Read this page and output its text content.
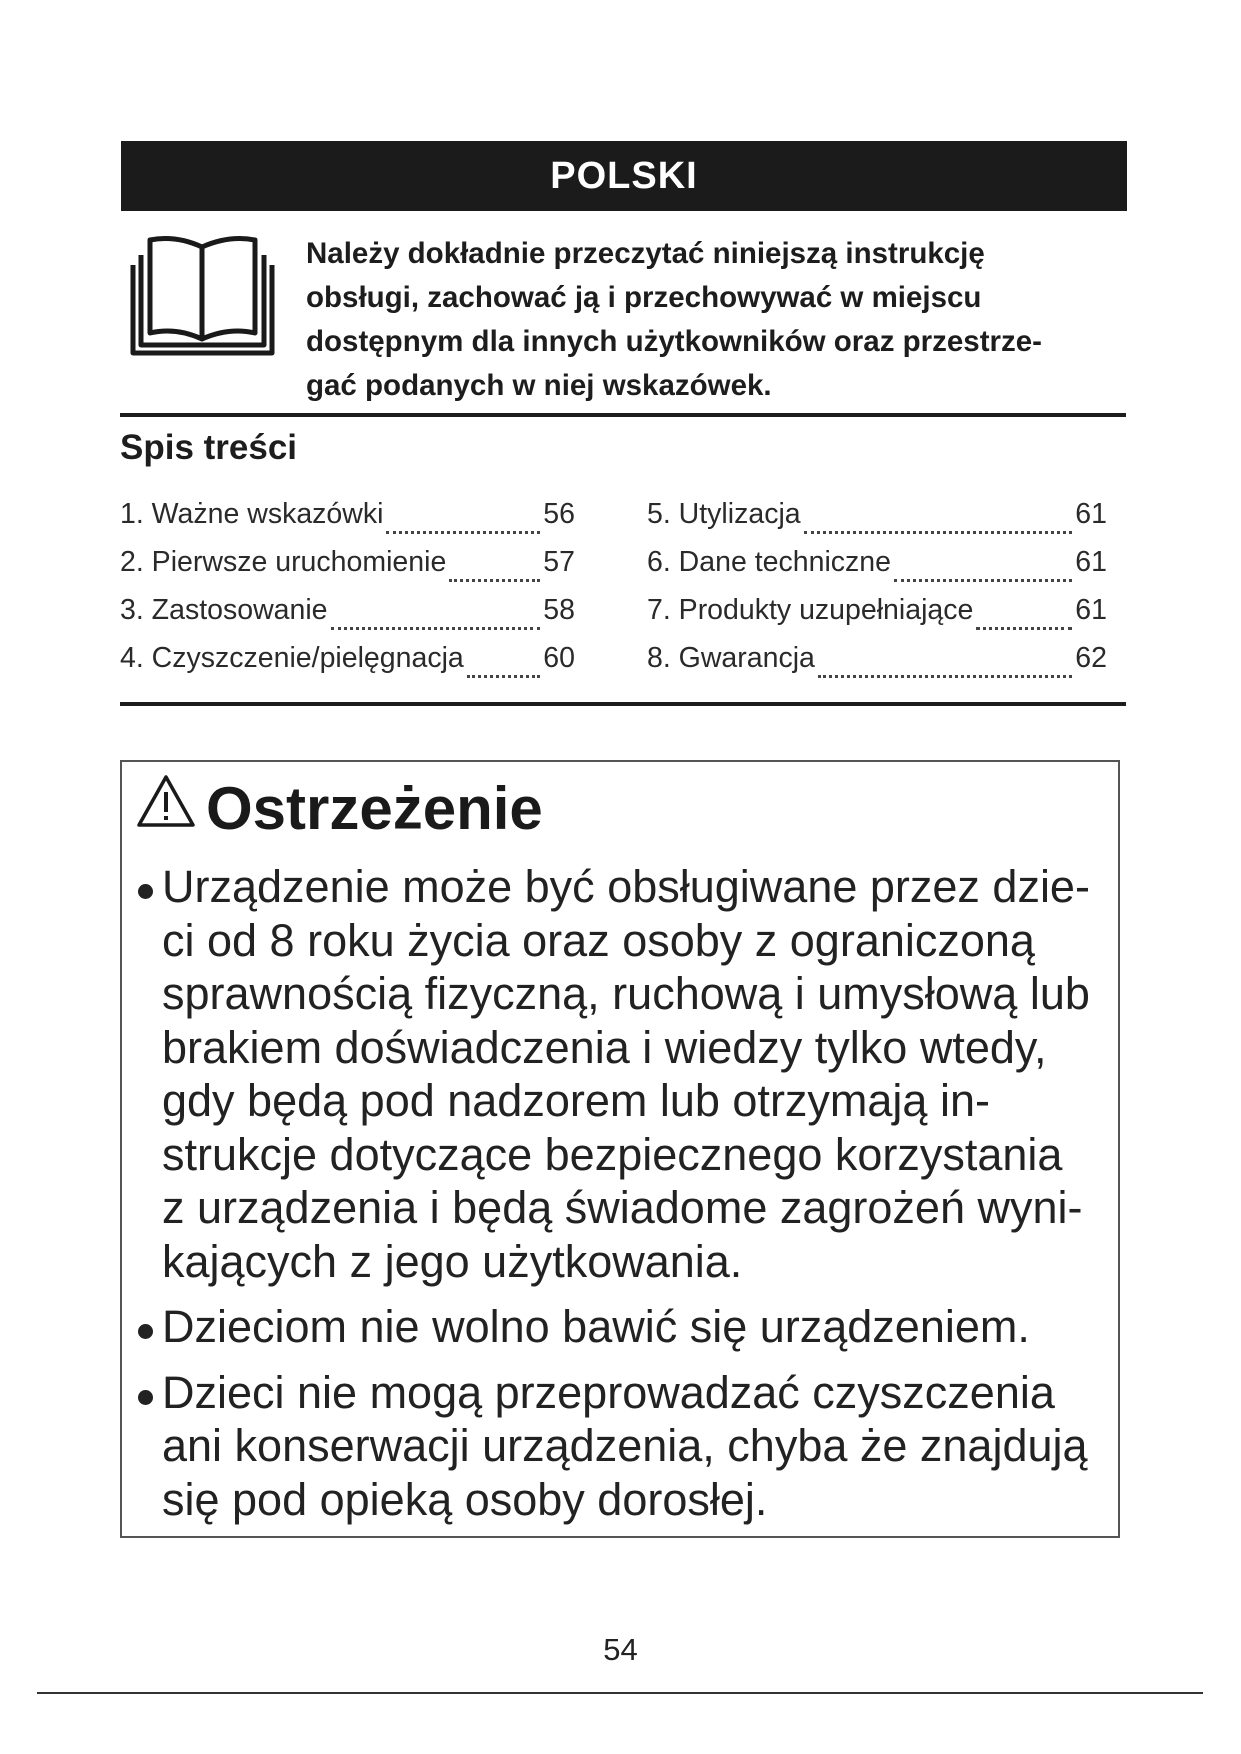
POLSKI
Należy dokładnie przeczytać niniejszą instrukcję
obsługi, zachować ją i przechowywać w miejscu
dostępnym dla innych użytkowników oraz przestrze-
gać podanych w niej wskazówek.
Spis treści
1. Ważne wskazówki	56
2. Pierwsze uruchomienie	57
3. Zastosowanie	58
4. Czyszczenie/pielęgnacja	60
5. Utylizacja	61
6. Dane techniczne	61
7. Produkty uzupełniające	61
8. Gwarancja	62
Ostrzeżenie
Urządzenie może być obsługiwane przez dzie-
ci od 8 roku życia oraz osoby z ograniczoną
sprawnością fizyczną, ruchową i umysłową lub
brakiem doświadczenia i wiedzy tylko wtedy,
gdy będą pod nadzorem lub otrzymają in-
strukcje dotyczące bezpiecznego korzystania
z urządzenia i będą świadome zagrożeń wyni-
kających z jego użytkowania.
Dzieciom nie wolno bawić się urządzeniem.
Dzieci nie mogą przeprowadzać czyszczenia
ani konserwacji urządzenia, chyba że znajdują
się pod opieką osoby dorosłej.
54
